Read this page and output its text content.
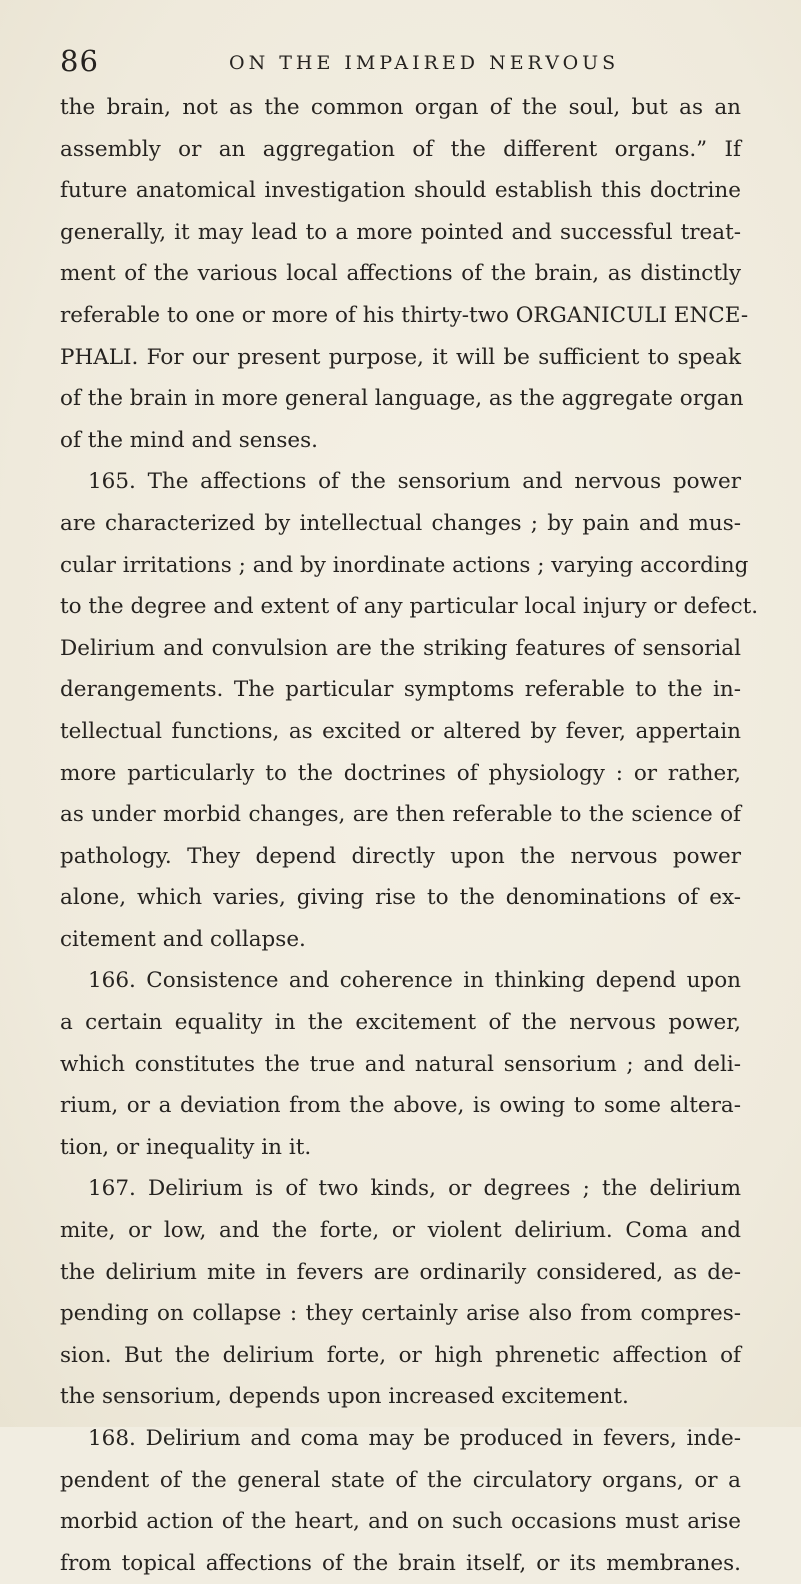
86	ON THE IMPAIRED NERVOUS
the brain, not as the common organ of the soul, but as an
assembly or an aggregation of the different organs.” If
future anatomical investigation should establish this doctrine
generally, it may lead to a more pointed and successful treat-
ment of the various local affections of the brain, as distinctly
referable to one or more of his thirty-two ORGANICULI ENCE-
PHALI. For our present purpose, it will be sufficient to speak
of the brain in more general language, as the aggregate organ
of the mind and senses.
165. The affections of the sensorium and nervous power
are characterized by intellectual changes ; by pain and mus-
cular irritations ; and by inordinate actions ; varying according
to the degree and extent of any particular local injury or defect.
Delirium and convulsion are the striking features of sensorial
derangements. The particular symptoms referable to the in-
tellectual functions, as excited or altered by fever, appertain
more particularly to the doctrines of physiology : or rather,
as under morbid changes, are then referable to the science of
pathology. They depend directly upon the nervous power
alone, which varies, giving rise to the denominations of ex-
citement and collapse.
166. Consistence and coherence in thinking depend upon
a certain equality in the excitement of the nervous power,
which constitutes the true and natural sensorium ; and deli-
rium, or a deviation from the above, is owing to some altera-
tion, or inequality in it.
167. Delirium is of two kinds, or degrees ; the delirium
mite, or low, and the forte, or violent delirium. Coma and
the delirium mite in fevers are ordinarily considered, as de-
pending on collapse : they certainly arise also from compres-
sion. But the delirium forte, or high phrenetic affection of
the sensorium, depends upon increased excitement.
168. Delirium and coma may be produced in fevers, inde-
pendent of the general state of the circulatory organs, or a
morbid action of the heart, and on such occasions must arise
from topical affections of the brain itself, or its membranes.
